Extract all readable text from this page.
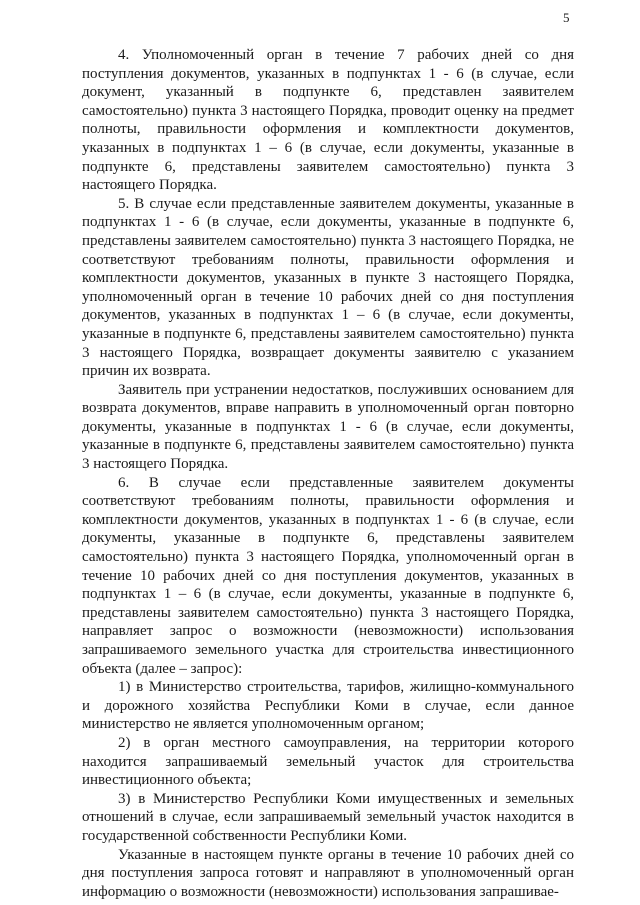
5

4. Уполномоченный орган в течение 7 рабочих дней со дня поступления документов, указанных в подпунктах 1 - 6 (в случае, если документ, указанный в подпункте 6, представлен заявителем самостоятельно) пункта 3 настоящего Порядка, проводит оценку на предмет полноты, правильности оформления и комплектности документов, указанных в подпунктах 1 – 6 (в случае, если документы, указанные в подпункте 6, представлены заявителем самостоятельно) пункта 3 настоящего Порядка.

5. В случае если представленные заявителем документы, указанные в подпунктах 1 - 6 (в случае, если документы, указанные в подпункте 6, представлены заявителем самостоятельно) пункта 3 настоящего Порядка, не соответствуют требованиям полноты, правильности оформления и комплектности документов, указанных в пункте 3 настоящего Порядка, уполномоченный орган в течение 10 рабочих дней со дня поступления документов, указанных в подпунктах 1 – 6 (в случае, если документы, указанные в подпункте 6, представлены заявителем самостоятельно) пункта 3 настоящего Порядка, возвращает документы заявителю с указанием причин их возврата.

Заявитель при устранении недостатков, послуживших основанием для возврата документов, вправе направить в уполномоченный орган повторно документы, указанные в подпунктах 1 - 6 (в случае, если документы, указанные в подпункте 6, представлены заявителем самостоятельно) пункта 3 настоящего Порядка.

6. В случае если представленные заявителем документы соответствуют требованиям полноты, правильности оформления и комплектности документов, указанных в подпунктах 1 - 6 (в случае, если документы, указанные в подпункте 6, представлены заявителем самостоятельно) пункта 3 настоящего Порядка, уполномоченный орган в течение 10 рабочих дней со дня поступления документов, указанных в подпунктах 1 – 6 (в случае, если документы, указанные в подпункте 6, представлены заявителем самостоятельно) пункта 3 настоящего Порядка, направляет запрос о возможности (невозможности) использования запрашиваемого земельного участка для строительства инвестиционного объекта (далее – запрос):

1) в Министерство строительства, тарифов, жилищно-коммунального и дорожного хозяйства Республики Коми в случае, если данное министерство не является уполномоченным органом;

2) в орган местного самоуправления, на территории которого находится запрашиваемый земельный участок для строительства инвестиционного объекта;

3) в Министерство Республики Коми имущественных и земельных отношений в случае, если запрашиваемый земельный участок находится в государственной собственности Республики Коми.

Указанные в настоящем пункте органы в течение 10 рабочих дней со дня поступления запроса готовят и направляют в уполномоченный орган информацию о возможности (невозможности) использования запрашивае-
